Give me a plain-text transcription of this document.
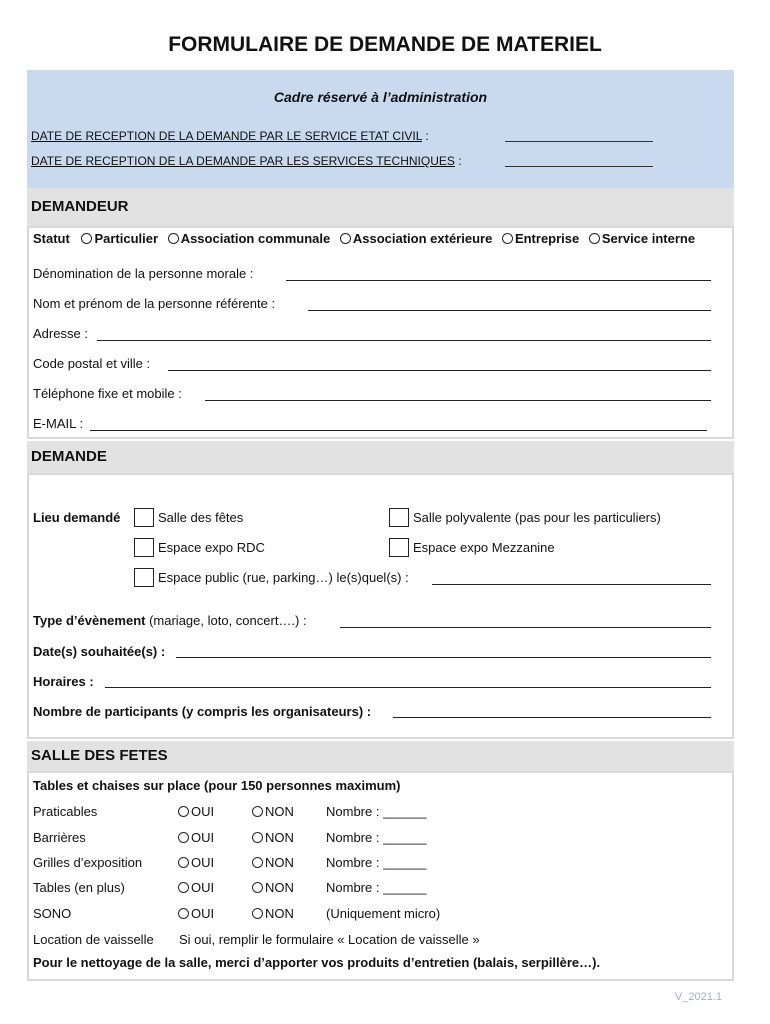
FORMULAIRE DE DEMANDE DE MATERIEL
Cadre réservé à l’administration
DATE DE RECEPTION DE LA DEMANDE PAR LE SERVICE ETAT CIVIL :
DATE DE RECEPTION DE LA DEMANDE PAR LES SERVICES TECHNIQUES :
DEMANDEUR
Statut Particulier Association communale Association extérieure Entreprise Service interne
Dénomination de la personne morale :
Nom et prénom de la personne référente :
Adresse :
Code postal et ville :
Téléphone fixe et mobile :
E-MAIL :
DEMANDE
Lieu demandé	Salle des fêtes	Salle polyvalente (pas pour les particuliers)
Espace expo RDC	Espace expo Mezzanine
Espace public (rue, parking…) le(s)quel(s) :
Type d’évènement (mariage, loto, concert….) :
Date(s) souhaitée(s) :
Horaires :
Nombre de participants (y compris les organisateurs) :
SALLE DES FETES
Tables et chaises sur place (pour 150 personnes maximum)
Praticables	OUI	NON Nombre : ______
Barrières	OUI	NON Nombre : ______
Grilles d’exposition	OUI	NON Nombre : ______
Tables (en plus)	OUI	NON Nombre : ______
SONO	OUI	NON (Uniquement micro)
Location de vaisselle Si oui, remplir le formulaire « Location de vaisselle »
Pour le nettoyage de la salle, merci d’apporter vos produits d’entretien (balais, serpillère…).
V_2021.1
